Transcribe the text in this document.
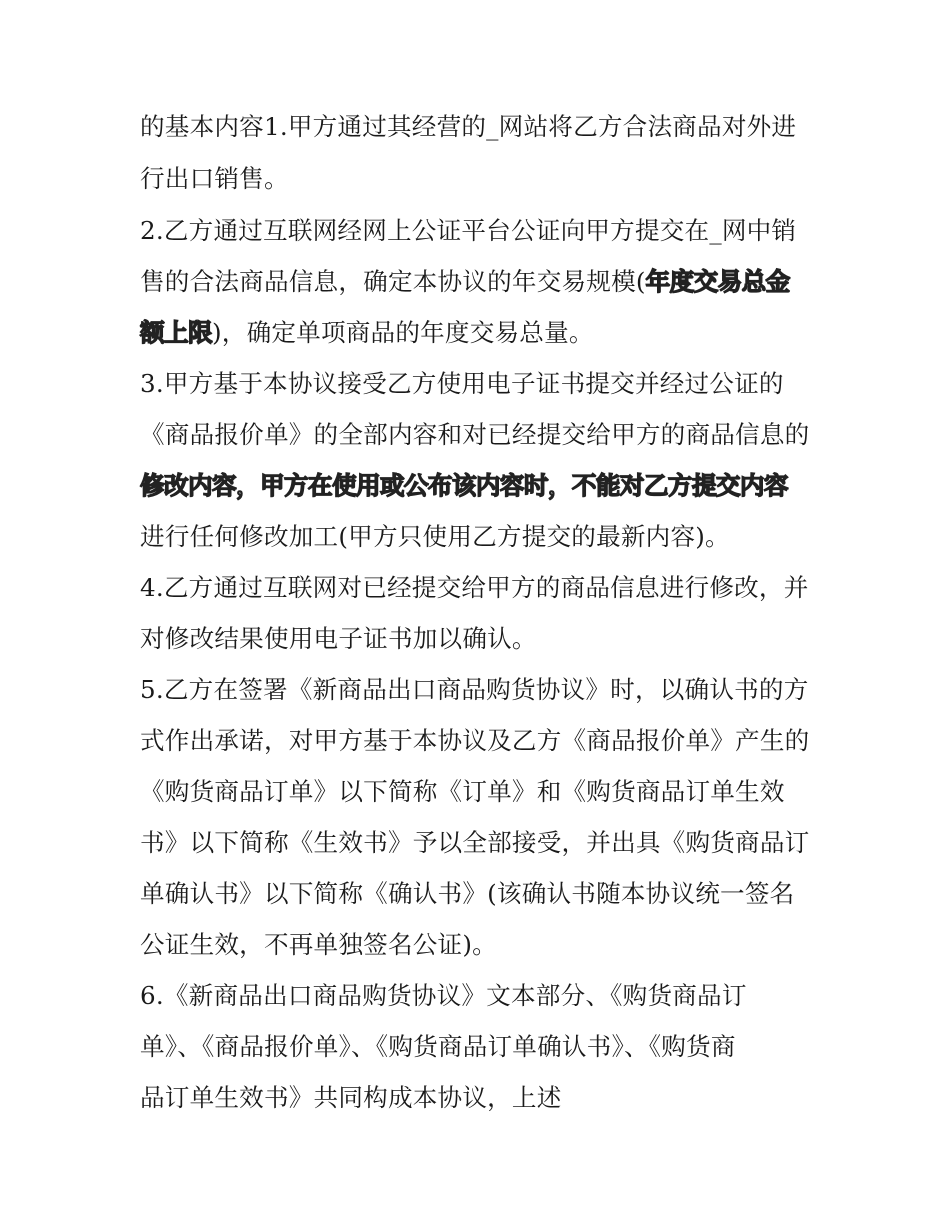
的基本内容1.甲方通过其经营的_网站将乙方合法商品对外进
行出口销售。
2.乙方通过互联网经网上公证平台公证向甲方提交在_网中销
售的合法商品信息，确定本协议的年交易规模(年度交易总金
额上限)，确定单项商品的年度交易总量。
3.甲方基于本协议接受乙方使用电子证书提交并经过公证的
《商品报价单》的全部内容和对已经提交给甲方的商品信息的
修改内容，甲方在使用或公布该内容时，不能对乙方提交内容
进行任何修改加工(甲方只使用乙方提交的最新内容)。
4.乙方通过互联网对已经提交给甲方的商品信息进行修改，并
对修改结果使用电子证书加以确认。
5.乙方在签署《新商品出口商品购货协议》时，以确认书的方
式作出承诺，对甲方基于本协议及乙方《商品报价单》产生的
《购货商品订单》以下简称《订单》和《购货商品订单生效
书》以下简称《生效书》予以全部接受，并出具《购货商品订
单确认书》以下简称《确认书》(该确认书随本协议统一签名
公证生效，不再单独签名公证)。
6.《新商品出口商品购货协议》文本部分、《购货商品订
单》、《商品报价单》、《购货商品订单确认书》、《购货商
品订单生效书》共同构成本协议，上述
